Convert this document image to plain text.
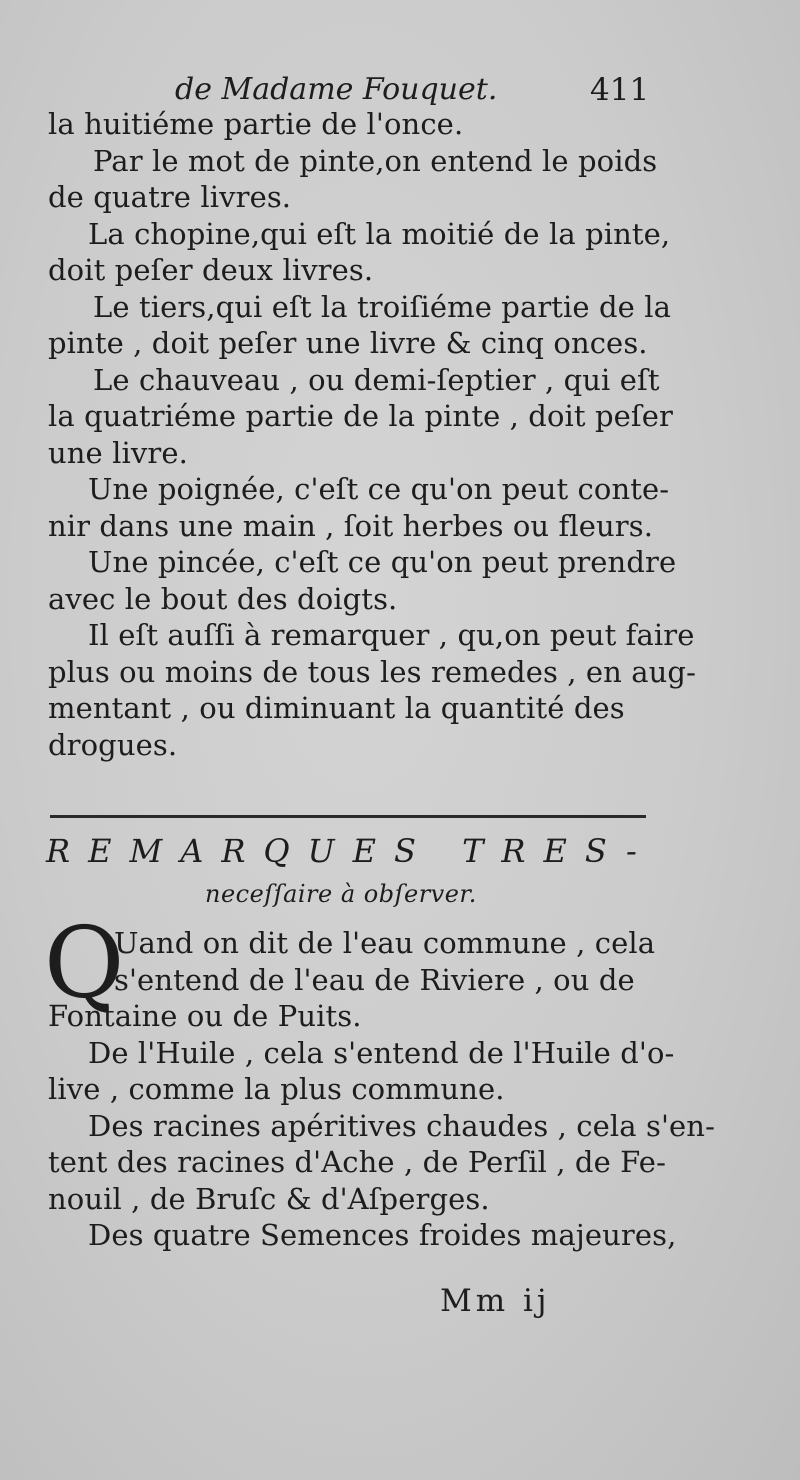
de Madame Fouquet.	411
la huitiéme partie de l'once.
Par le mot de pinte,on entend le poids
de quatre livres.
La chopine,qui eſt la moitié de la pinte,
doit peſer deux livres.
Le tiers,qui eſt la troiſiéme partie de la
pinte , doit peſer une livre & cinq onces.
Le chauveau , ou demi-ſeptier , qui eſt
la quatriéme partie de la pinte , doit peſer
une livre.
Une poignée, c'eſt ce qu'on peut conte-
nir dans une main , ſoit herbes ou fleurs.
Une pincée, c'eſt ce qu'on peut prendre
avec le bout des doigts.
Il eſt auſſi à remarquer , qu,on peut faire
plus ou moins de tous les remedes , en aug-
mentant , ou diminuant la quantité des
drogues.
REMARQUES TRES-
neceſſaire à obſerver.
Q
Uand on dit de l'eau commune , cela
s'entend de l'eau de Riviere , ou de
Fontaine ou de Puits.
De l'Huile , cela s'entend de l'Huile d'o-
live , comme la plus commune.
Des racines apéritives chaudes , cela s'en-
tent des racines d'Ache , de Perſil , de Fe-
nouil , de Bruſc & d'Aſperges.
Des quatre Semences froides majeures,
Mm ij
